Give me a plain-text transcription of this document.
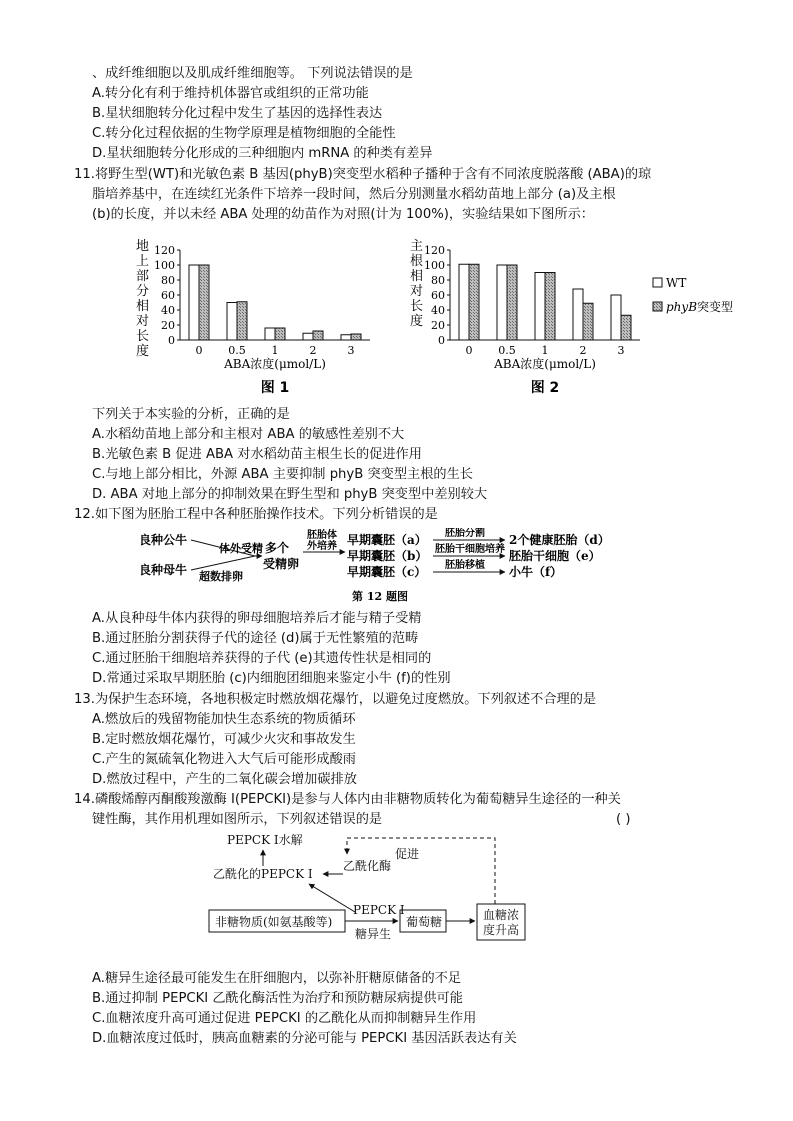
、成纤维细胞以及肌成纤维细胞等。 下列说法错误的是
A.转分化有利于维持机体器官或组织的正常功能
B.星状细胞转分化过程中发生了基因的选择性表达
C.转分化过程依据的生物学原理是植物细胞的全能性
D.星状细胞转分化形成的三种细胞内 mRNA 的种类有差异
11.将野生型(WT)和光敏色素 B 基因(phyB)突变型水稻种子播种于含有不同浓度脱落酸 (ABA)的琼
脂培养基中，在连续红光条件下培养一段时间，然后分别测量水稻幼苗地上部分 (a)及主根
(b)的长度，并以未经 ABA 处理的幼苗作为对照(计为 100%)，实验结果如下图所示：
地上部分相对长度
0
20
40
60
80
100
120
0 0.5 1	2	3
ABA浓度(μmol/L)
图 1
主根相对长度
0
20
40
60
80
100
120
0 0.5 1	2	3
ABA浓度(μmol/L)
图 2
WT
phyB突变型
下列关于本实验的分析，正确的是
A.水稻幼苗地上部分和主根对 ABA 的敏感性差别不大
B.光敏色素 B 促进 ABA 对水稻幼苗主根生长的促进作用
C.与地上部分相比，外源 ABA 主要抑制 phyB 突变型主根的生长
D. ABA 对地上部分的抑制效果在野生型和 phyB 突变型中差别较大
12.如下图为胚胎工程中各种胚胎操作技术。下列分析错误的是
良种公牛
良种母牛
体外受精
超数排卵
多个
受精卵
胚胎体
外培养 早期囊胚（a）
早期囊胚（b）
早期囊胚（c）
胚胎分割
胚胎干细胞培养
胚胎移植
2个健康胚胎（d）
胚胎干细胞（e）
小牛（f）
第 12 题图
A.从良种母牛体内获得的卵母细胞培养后才能与精子受精
B.通过胚胎分割获得子代的途径 (d)属于无性繁殖的范畴
C.通过胚胎干细胞培养获得的子代 (e)其遗传性状是相同的
D.常通过采取早期胚胎 (c)内细胞团细胞来鉴定小牛 (f)的性别
13.为保护生态环境，各地积极定时燃放烟花爆竹，以避免过度燃放。下列叙述不合理的是
A.燃放后的残留物能加快生态系统的物质循环
B.定时燃放烟花爆竹，可减少火灾和事故发生
C.产生的氮硫氧化物进入大气后可能形成酸雨
D.燃放过程中，产生的二氧化碳会增加碳排放
14.磷酸烯醇丙酮酸羧激酶 Ⅰ(PEPCKI)是参与人体内由非糖物质转化为葡萄糖异生途径的一种关
键性酶，其作用机理如图所示，下列叙述错误的是	( )
PEPCK Ⅰ水解
乙酰化的PEPCK Ⅰ
乙酰化酶
促进
非糖物质(如氨基酸等)
PEPCK Ⅰ
糖异生
葡萄糖	血糖浓
度升高
A.糖异生途径最可能发生在肝细胞内，以弥补肝糖原储备的不足
B.通过抑制 PEPCKI 乙酰化酶活性为治疗和预防糖尿病提供可能
C.血糖浓度升高可通过促进 PEPCKI 的乙酰化从而抑制糖异生作用
D.血糖浓度过低时，胰高血糖素的分泌可能与 PEPCKI 基因活跃表达有关
